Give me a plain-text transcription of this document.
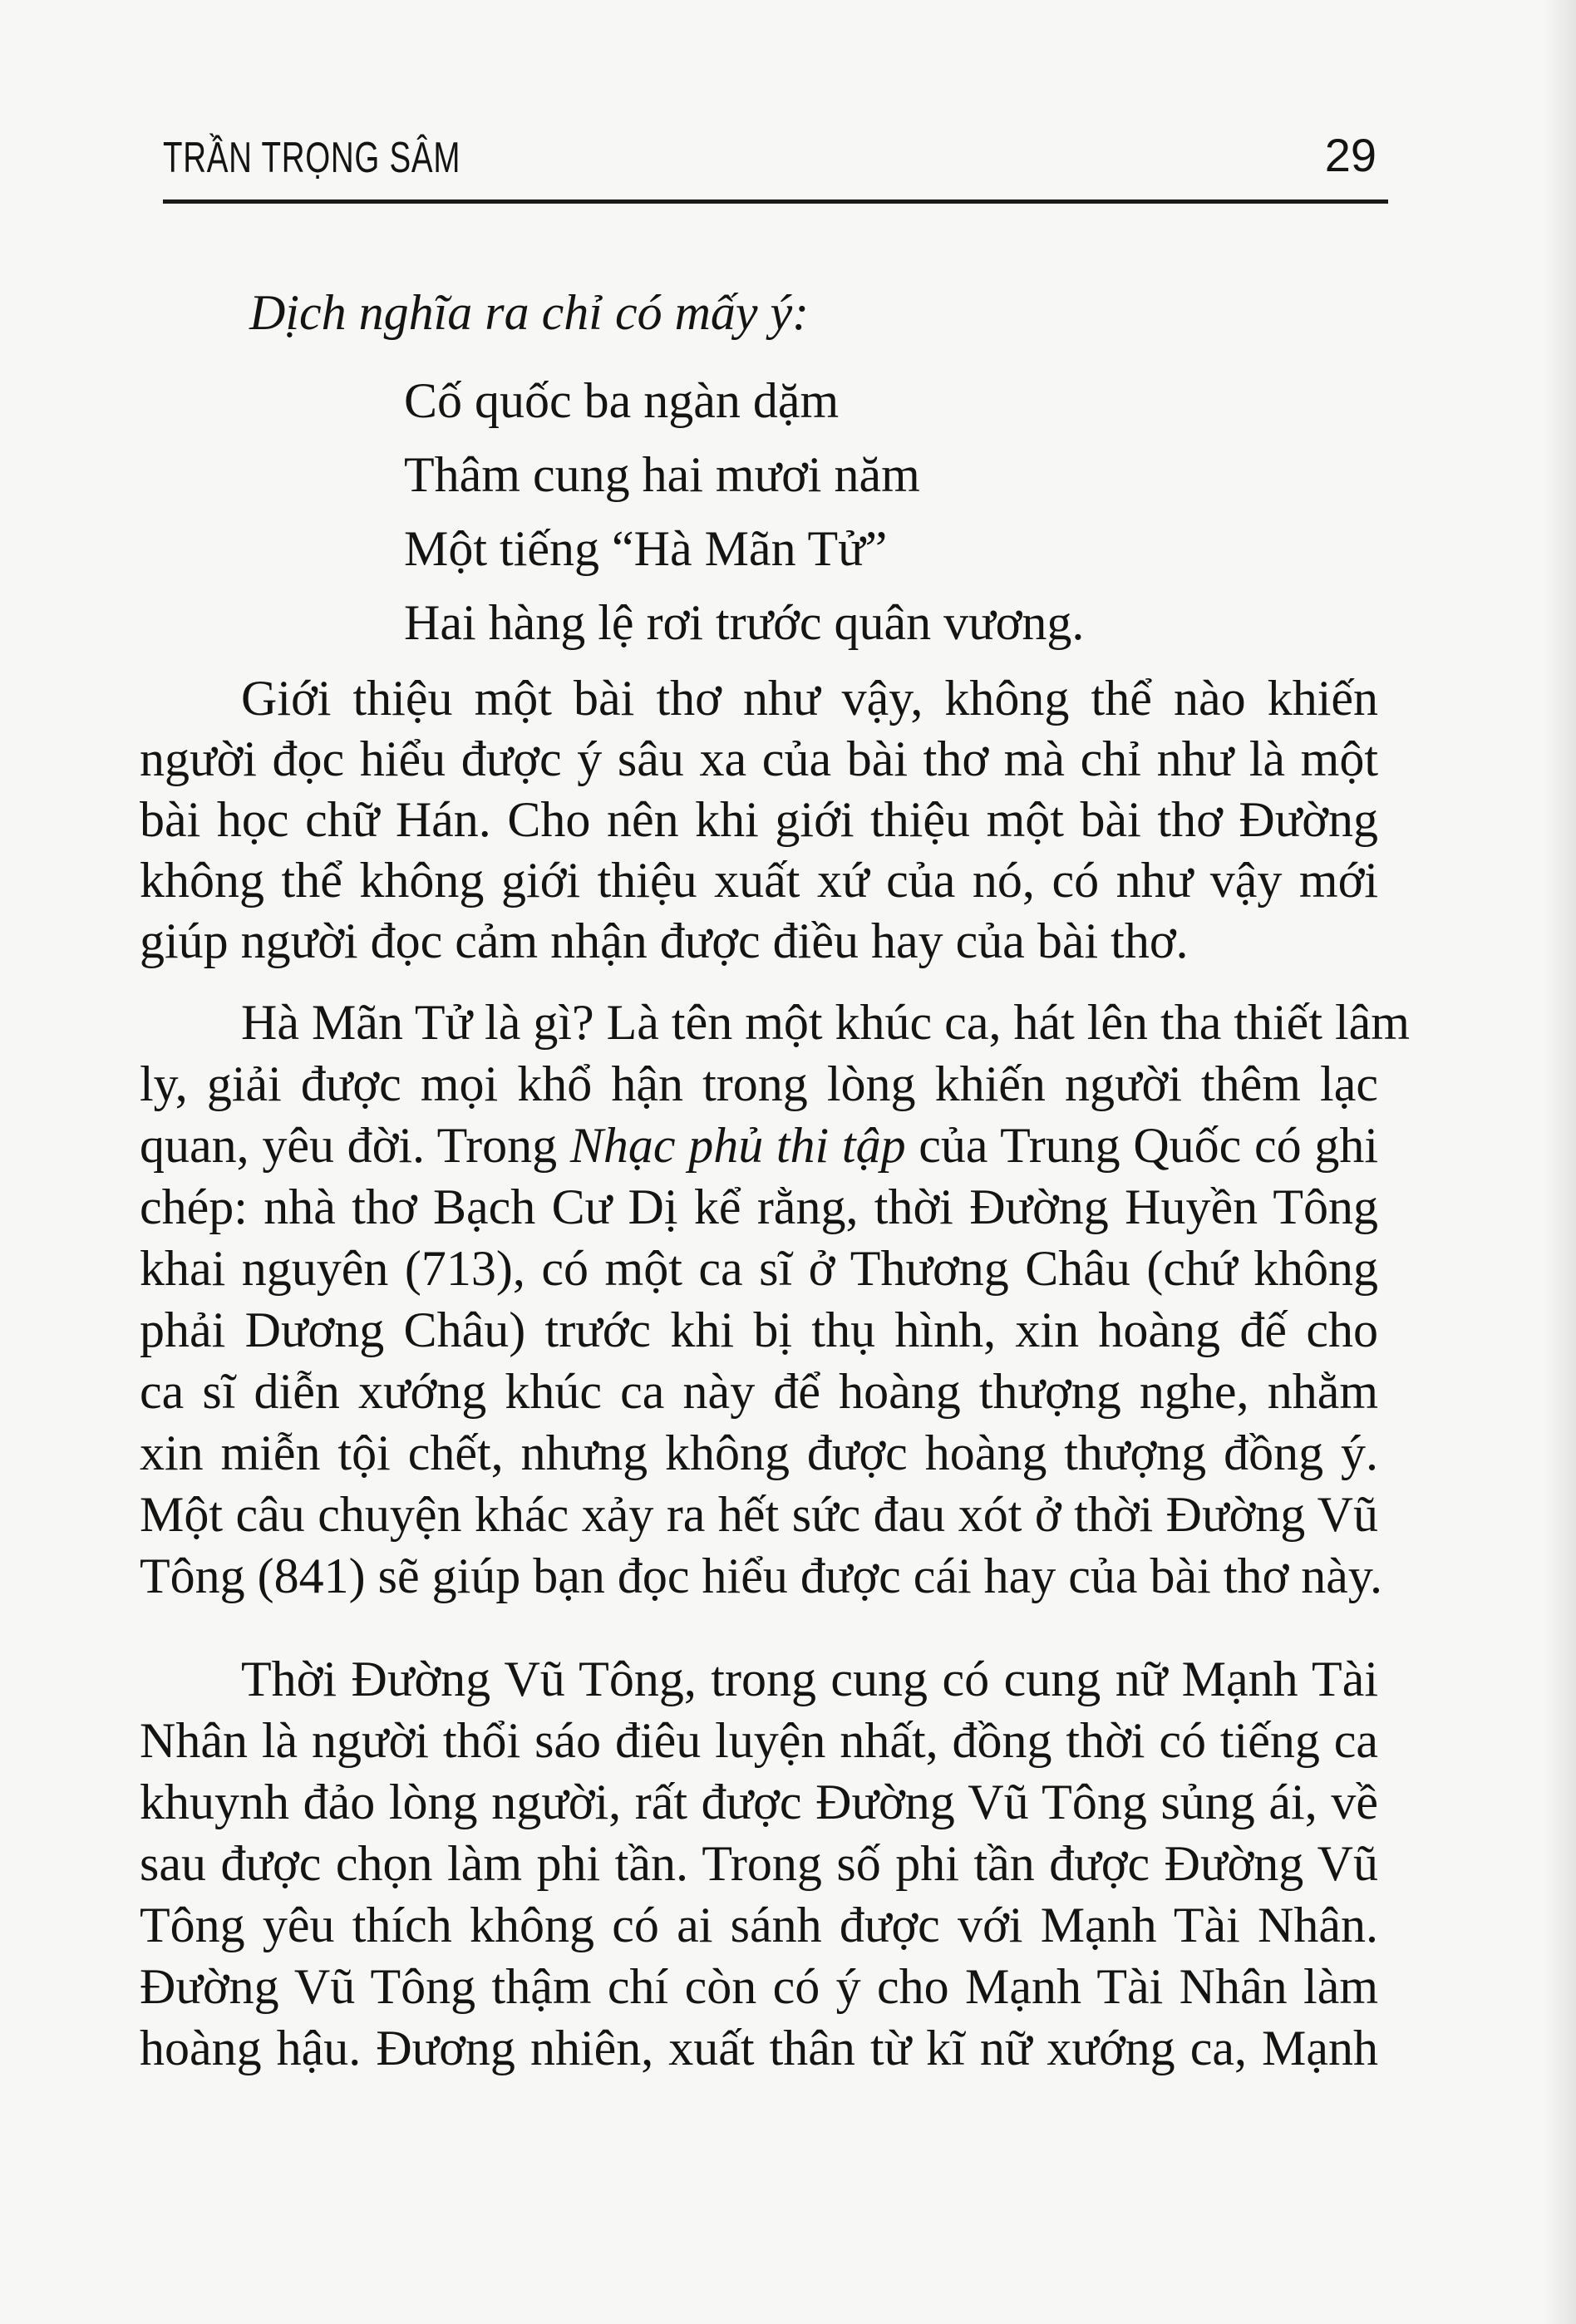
TRẦN TRỌNG SÂM	29
Dịch nghĩa ra chỉ có mấy ý:
Cố quốc ba ngàn dặm
Thâm cung hai mươi năm
Một tiếng “Hà Mãn Tử”
Hai hàng lệ rơi trước quân vương.
Giới thiệu một bài thơ như vậy, không thể nào khiến
người đọc hiểu được ý sâu xa của bài thơ mà chỉ như là một
bài học chữ Hán. Cho nên khi giới thiệu một bài thơ Đường
không thể không giới thiệu xuất xứ của nó, có như vậy mới
giúp người đọc cảm nhận được điều hay của bài thơ.
Hà Mãn Tử là gì? Là tên một khúc ca, hát lên tha thiết lâm
ly, giải được mọi khổ hận trong lòng khiến người thêm lạc
quan, yêu đời. Trong Nhạc phủ thi tập của Trung Quốc có ghi
chép: nhà thơ Bạch Cư Dị kể rằng, thời Đường Huyền Tông
khai nguyên (713), có một ca sĩ ở Thương Châu (chứ không
phải Dương Châu) trước khi bị thụ hình, xin hoàng đế cho
ca sĩ diễn xướng khúc ca này để hoàng thượng nghe, nhằm
xin miễn tội chết, nhưng không được hoàng thượng đồng ý.
Một câu chuyện khác xảy ra hết sức đau xót ở thời Đường Vũ
Tông (841) sẽ giúp bạn đọc hiểu được cái hay của bài thơ này.
Thời Đường Vũ Tông, trong cung có cung nữ Mạnh Tài
Nhân là người thổi sáo điêu luyện nhất, đồng thời có tiếng ca
khuynh đảo lòng người, rất được Đường Vũ Tông sủng ái, về
sau được chọn làm phi tần. Trong số phi tần được Đường Vũ
Tông yêu thích không có ai sánh được với Mạnh Tài Nhân.
Đường Vũ Tông thậm chí còn có ý cho Mạnh Tài Nhân làm
hoàng hậu. Đương nhiên, xuất thân từ kĩ nữ xướng ca, Mạnh
